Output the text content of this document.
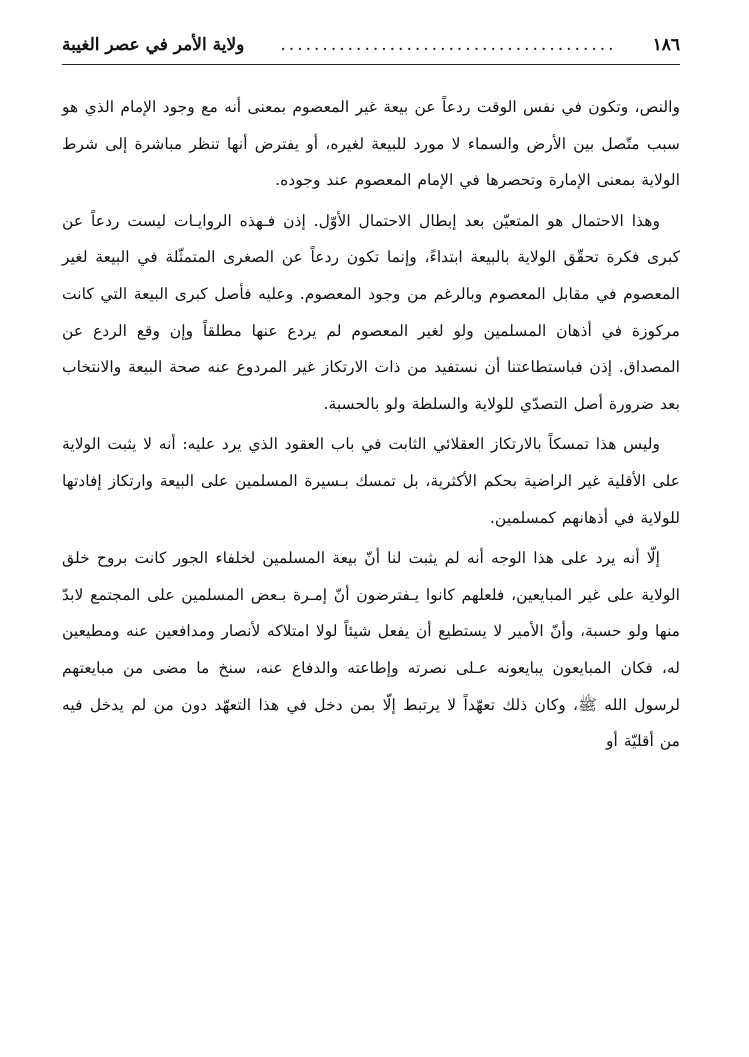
١٨٦
........................................
ولاية الأمر في عصر الغيبة

والنص، وتكون في نفس الوقت ردعاً عن بيعة غير المعصوم بمعنى أنه مع وجود الإمام الذي هو سبب متّصل بين الأرض والسماء لا مورد للبيعة لغيره، أو يفترض أنها تنظر مباشرة إلى شرط الولاية بمعنى الإمارة وتحصرها في الإمام المعصوم عند وجوده.

وهذا الاحتمال هو المتعيّن بعد إبطال الاحتمال الأوّل. إذن فـهذه الروايـات ليست ردعاً عن كبرى فكرة تحقّق الولاية بالبيعة ابتداءً، وإنما تكون ردعاً عن الصغرى المتمثّلة في البيعة لغير المعصوم في مقابل المعصوم وبالرغم من وجود المعصوم. وعليه فأصل كبرى البيعة التي كانت مركوزة في أذهان المسلمين ولو لغير المعصوم لم يردع عنها مطلقاً وإن وقع الردع عن المصداق. إذن فباستطاعتنا أن نستفيد من ذات الارتكاز غير المردوع عنه صحة البيعة والانتخاب بعد ضرورة أصل التصدّي للولاية والسلطة ولو بالحسبة.

وليس هذا تمسكاً بالارتكاز العقلائي الثابت في باب العقود الذي يرد عليه: أنه لا يثبت الولاية على الأقلية غير الراضية بحكم الأكثرية، بل تمسك بـسيرة المسلمين على البيعة وارتكاز إفادتها للولاية في أذهانهم كمسلمين.

إلّا أنه يرد على هذا الوجه أنه لم يثبت لنا أنّ بيعة المسلمين لخلفاء الجور كانت بروح خلق الولاية على غير المبايعين، فلعلهم كانوا يـفترضون أنّ إمـرة بـعض المسلمين على المجتمع لابدّ منها ولو حسبة، وأنّ الأمير لا يستطيع أن يفعل شيئاً لولا امتلاكه لأنصار ومدافعين عنه ومطيعين له، فكان المبايعون يبايعونه عـلى نصرته وإطاعته والدفاع عنه، سنخ ما مضى من مبايعتهم لرسول الله ﷺ، وكان ذلك تعهّداً لا يرتبط إلّا بمن دخل في هذا التعهّد دون من لم يدخل فيه من أقليّة أو
